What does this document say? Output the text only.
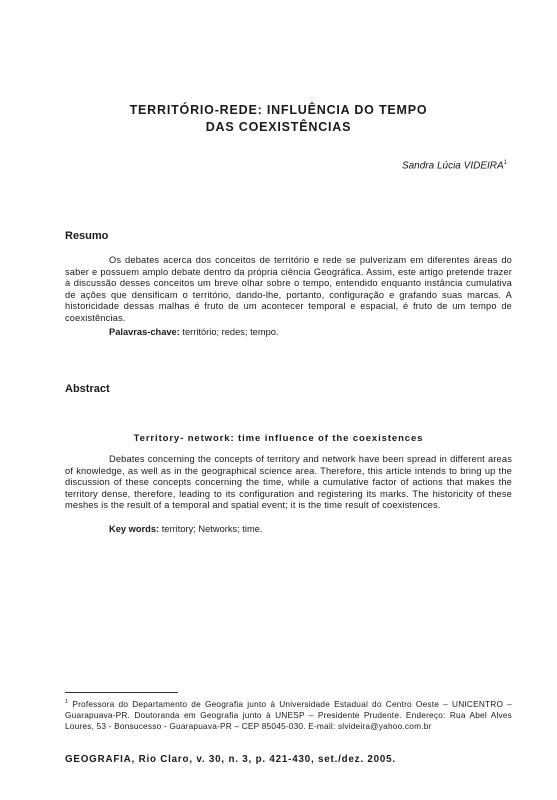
TERRITÓRIO-REDE: INFLUÊNCIA DO TEMPO
DAS COEXISTÊNCIAS
Sandra Lúcia VIDEIRA$^1$
Resumo
Os debates acerca dos conceitos de território e rede se pulverizam em diferentes áreas do saber e possuem amplo debate dentro da própria ciência Geográfica. Assim, este artigo pretende trazer à discussão desses conceitos um breve olhar sobre o tempo, entendido enquanto instância cumulativa de ações que densificam o território, dando-lhe, portanto, configuração e grafando suas marcas. A historicidade dessas malhas é fruto de um acontecer temporal e espacial, é fruto de um tempo de coexistências.
Palavras-chave: território; redes; tempo.
Abstract
Territory- network: time influence of the coexistences
Debates concerning the concepts of territory and network have been spread in different areas of knowledge, as well as in the geographical science area. Therefore, this article intends to bring up the discussion of these concepts concerning the time, while a cumulative factor of actions that makes the territory dense, therefore, leading to its configuration and registering its marks. The historicity of these meshes is the result of a temporal and spatial event; it is the time result of coexistences.
Key words: territory; Networks; time.
$^1$ Professora do Departamento de Geografia junto à Universidade Estadual do Centro Oeste – UNICENTRO – Guarapuava-PR. Doutoranda em Geografia junto à UNESP – Presidente Prudente. Endereço: Rua Abel Alves Loures, 53 - Bonsucesso - Guarapuava-PR – CEP 85045-030. E-mail: slvideira@yahoo.com.br
GEOGRAFIA, Rio Claro, v. 30, n. 3, p. 421-430, set./dez. 2005.
